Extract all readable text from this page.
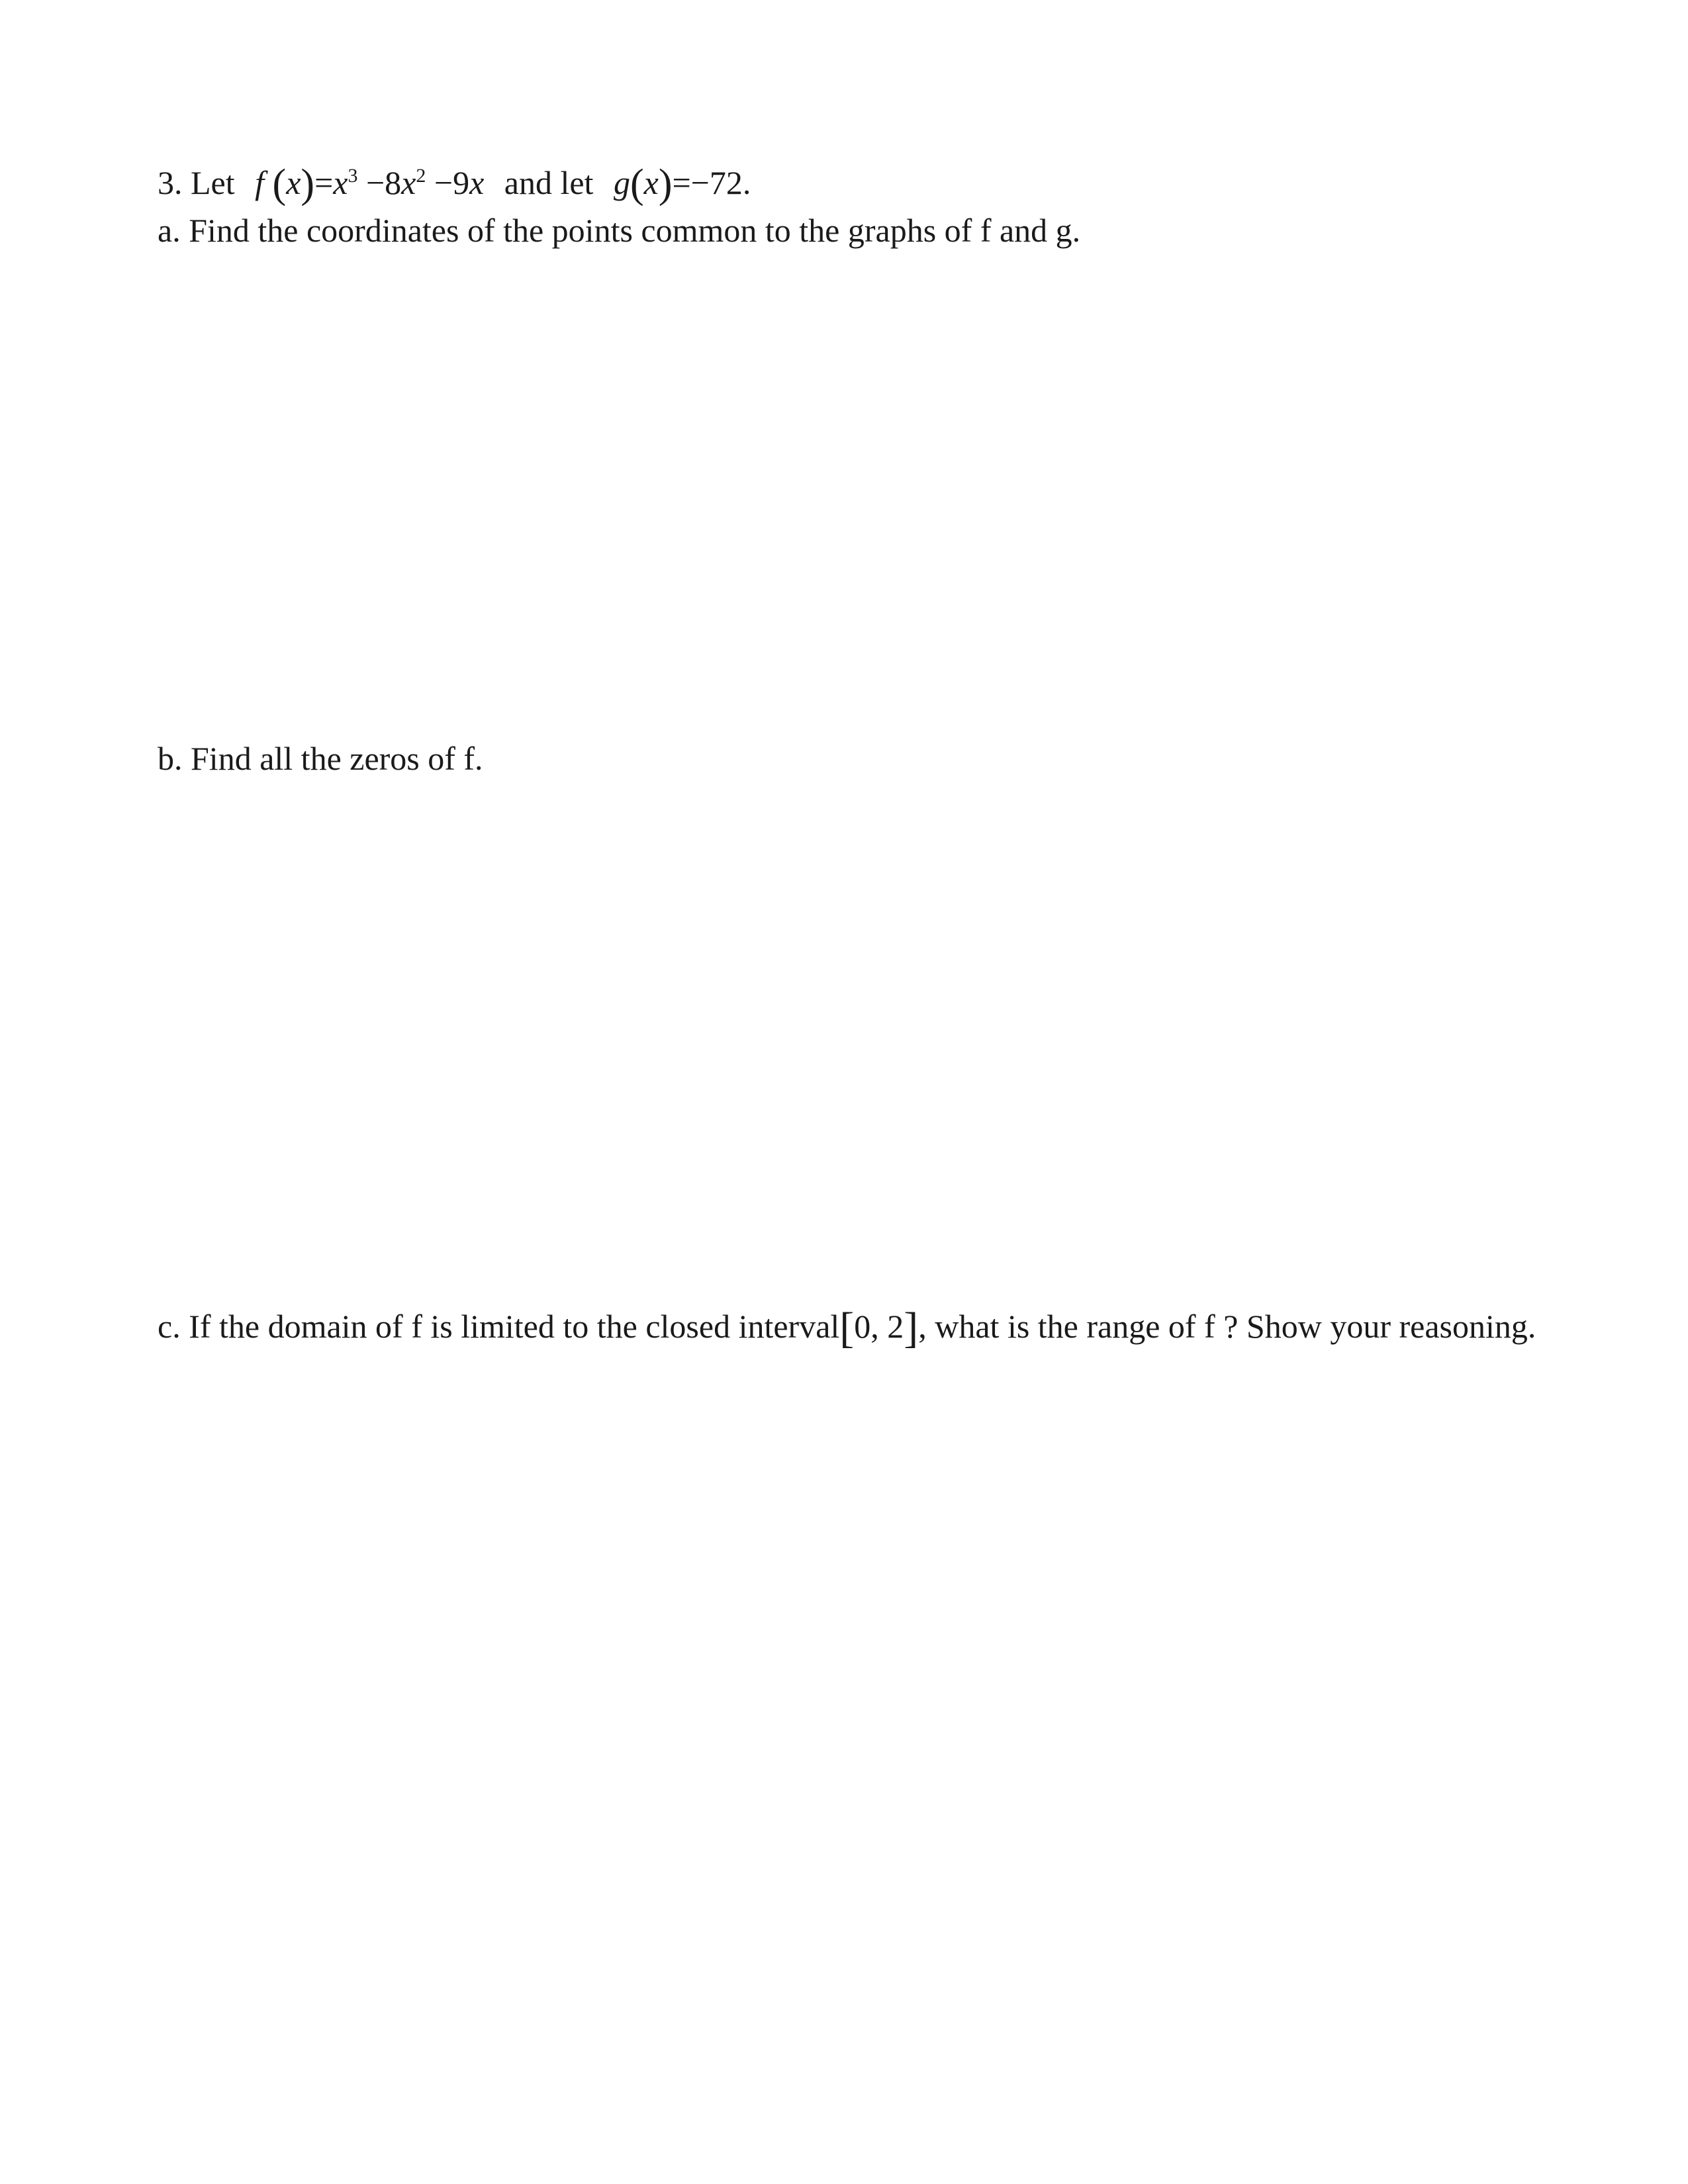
3. Let f $(x)=x^3 -8x^2 -9x$ and let g(x)=−72.
a. Find the coordinates of the points common to the graphs of f and g.
b. Find all the zeros of f.
c. If the domain of f is limited to the closed interval[0, 2], what is the range of f ? Show your reasoning.
